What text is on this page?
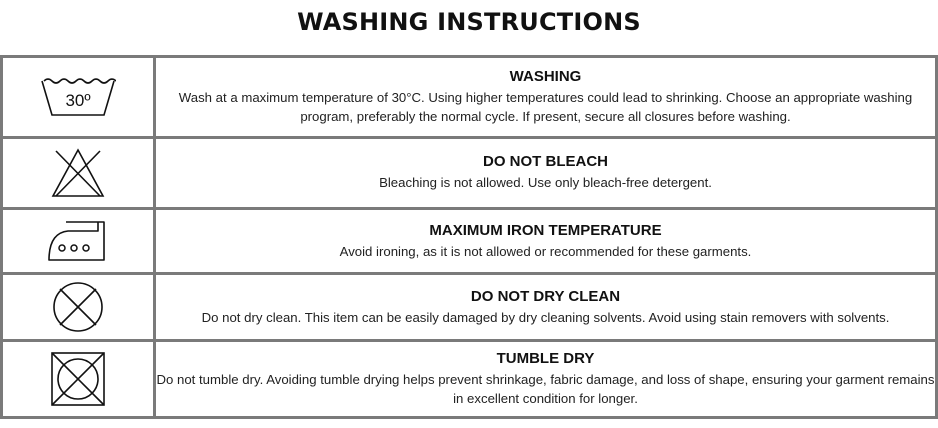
WASHING INSTRUCTIONS
30º	WASHING
Wash at a maximum temperature of 30°C. Using higher temperatures could lead to shrinking. Choose an appropriate washing program, preferably the normal cycle. If present, secure all closures before washing.

DO NOT BLEACH
Bleaching is not allowed. Use only bleach-free detergent.

MAXIMUM IRON TEMPERATURE
Avoid ironing, as it is not allowed or recommended for these garments.

DO NOT DRY CLEAN
Do not dry clean. This item can be easily damaged by dry cleaning solvents. Avoid using stain removers with solvents.

TUMBLE DRY
Do not tumble dry. Avoiding tumble drying helps prevent shrinkage, fabric damage, and loss of shape, ensuring your garment remains in excellent condition for longer.
